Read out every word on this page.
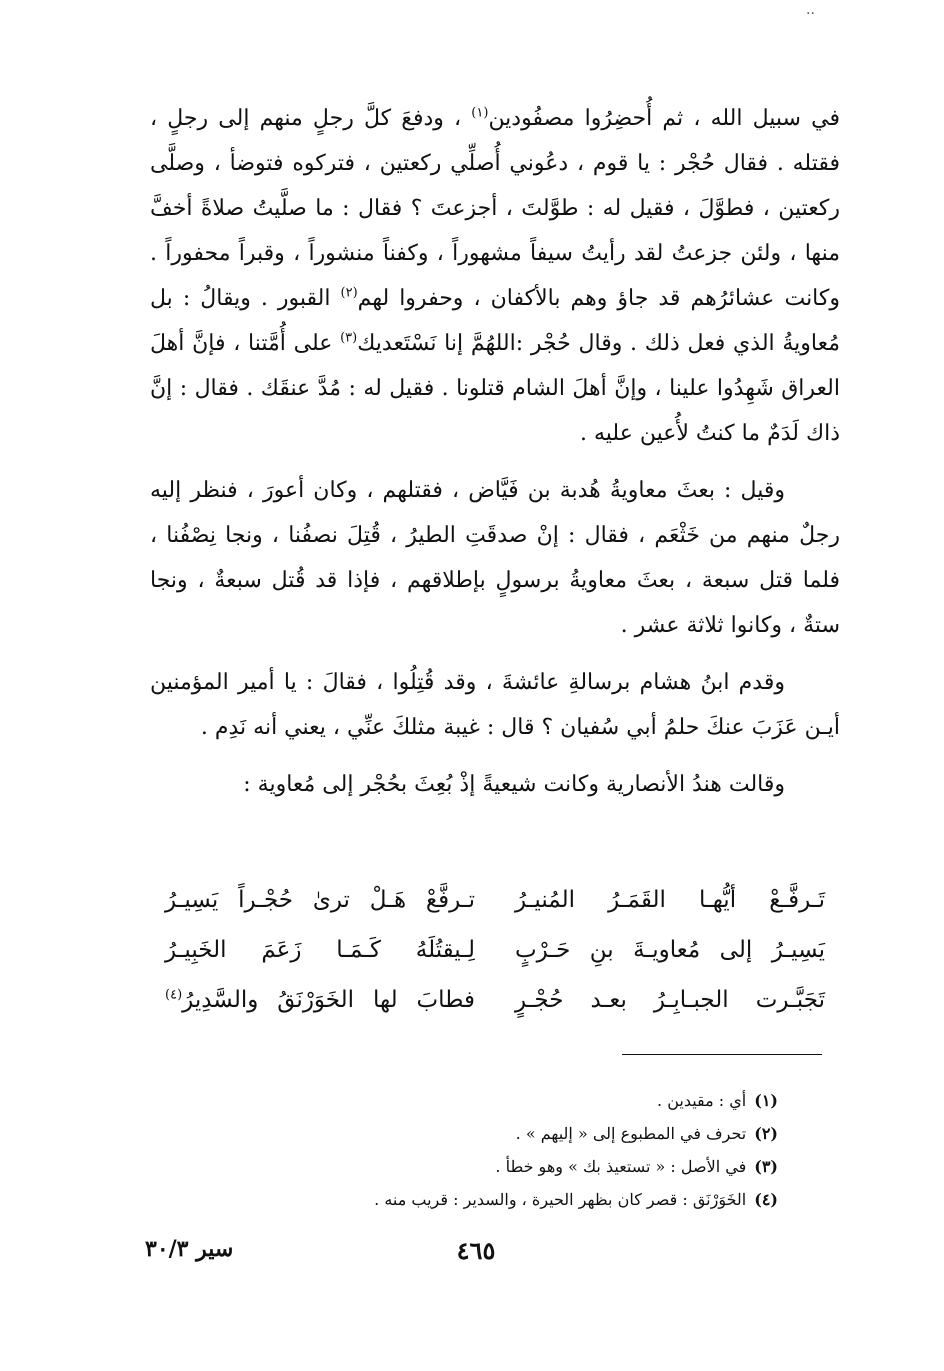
..

في سبيل الله ، ثم أُحضِرُوا مصفُودين$^{(١)}$ ، ودفعَ كلَّ رجلٍ منهم إلى رجلٍ ، فقتله . فقال حُجْر : يا قوم ، دعُوني أُصلِّي ركعتين ، فتركوه فتوضأ ، وصلَّى ركعتين ، فطوَّلَ ، فقيل له : طوَّلتَ ، أجزعتَ ؟ فقال : ما صلَّيتُ صلاةً أخفَّ منها ، ولئن جزعتُ لقد رأيتُ سيفاً مشهوراً ، وكفناً منشوراً ، وقبراً محفوراً . وكانت عشائرُهم قد جاؤ وهم بالأكفان ، وحفروا لهم$^{(٢)}$ القبور . ويقالُ : بل مُعاويةُ الذي فعل ذلك . وقال حُجْر :اللهُمَّ إنا نَسْتَعديك$^{(٣)}$ على أُمَّتنا ، فإنَّ أهلَ العراق شَهِدُوا علينا ، وإنَّ أهلَ الشام قتلونا . فقيل له : مُدَّ عنقَك . فقال : إنَّ ذاك لَدَمٌ ما كنتُ لأُعين عليه .

وقيل : بعثَ معاويةُ هُدبة بن فَيَّاض ، فقتلهم ، وكان أعورَ ، فنظر إليه رجلٌ منهم من خَثْعَم ، فقال : إنْ صدقَتِ الطيرُ ، قُتِلَ نصفُنا ، ونجا نِصْفُنا ، فلما قتل سبعة ، بعثَ معاويةُ برسولٍ بإطلاقهم ، فإذا قد قُتل سبعةٌ ، ونجا ستةٌ ، وكانوا ثلاثة عشر .

وقدم ابنُ هشام برسالةِ عائشةَ ، وقد قُتِلُوا ، فقالَ : يا أمير المؤمنين أيـن عَزَبَ عنكَ حلمُ أبي سُفيان ؟ قال : غيبة مثلكَ عنِّي ، يعني أنه نَدِم .

وقالت هندُ الأنصارية وكانت شيعيةً إذْ بُعِثَ بحُجْر إلى مُعاوية :

تَـرفَّـعْ أيُّهـا القَمَـرُ المُنيـرُ
تـرفَّعْ هَـلْ ترىٰ حُجْـراً يَسِيـرُ
يَسِيـرُ إلى مُعاويـةَ بنِ حَـرْبٍ
لِـيقتُلَهُ كَـمَـا زَعَمَ الخَبِيـرُ
تَجَبَّـرت الجبـابِـرُ بعـد حُجْـرٍ
فطابَ لها الخَوَرْنَقُ والسَّدِيرُ$^{(٤)}$
(١)أي : مقيدين .
(٢)تحرف في المطبوع إلى « إليهم » .
(٣)في الأصل : « تستعيذ بك » وهو خطأ .
(٤)الخَوَرْنَق : قصر كان بظهر الحيرة ، والسدير : قريب منه .
٤٦٥
سير ٣٠/٣
